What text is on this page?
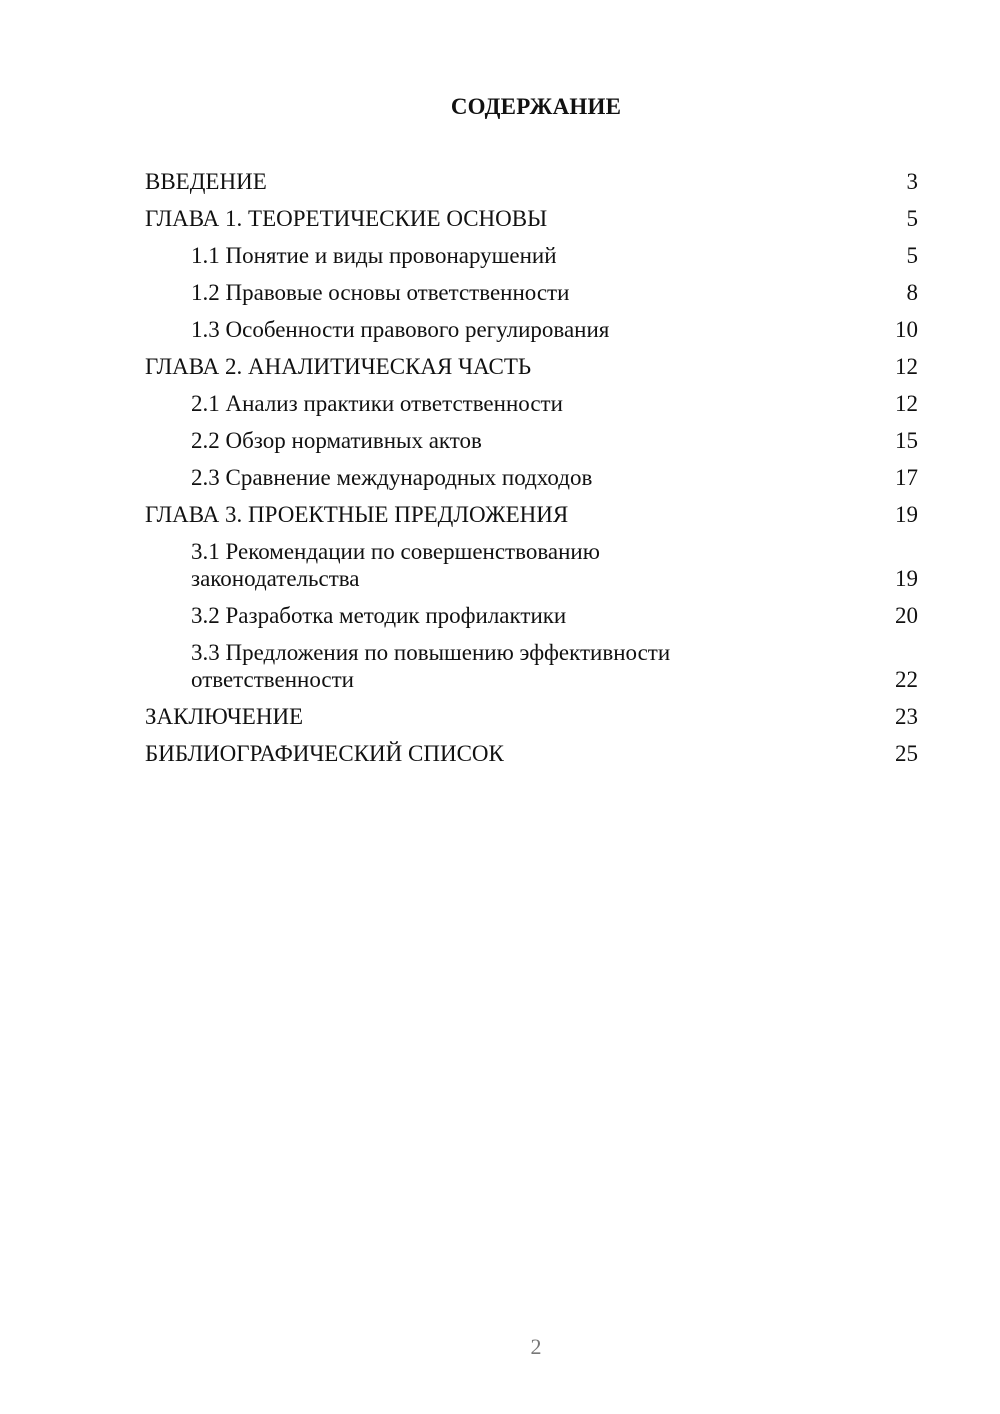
СОДЕРЖАНИЕ
ВВЕДЕНИЕ	3
ГЛАВА 1. ТЕОРЕТИЧЕСКИЕ ОСНОВЫ	5
1.1 Понятие и виды провонарушений	5
1.2 Правовые основы ответственности	8
1.3 Особенности правового регулирования	10
ГЛАВА 2. АНАЛИТИЧЕСКАЯ ЧАСТЬ	12
2.1 Анализ практики ответственности	12
2.2 Обзор нормативных актов	15
2.3 Сравнение международных подходов	17
ГЛАВА 3. ПРОЕКТНЫЕ ПРЕДЛОЖЕНИЯ	19
3.1 Рекомендации по совершенствованию
законодательства	19
3.2 Разработка методик профилактики	20
3.3 Предложения по повышению эффективности
ответственности	22
ЗАКЛЮЧЕНИЕ	23
БИБЛИОГРАФИЧЕСКИЙ СПИСОК	25
2
